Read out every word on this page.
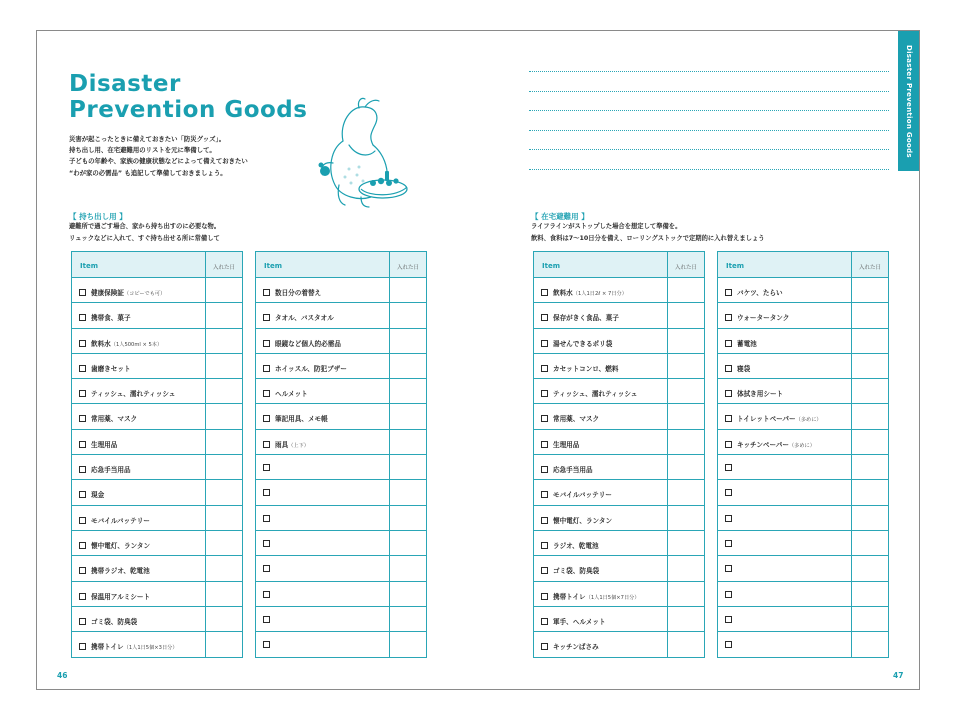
Disaster
Prevention Goods
災害が起こったときに備えておきたい「防災グッズ」。
持ち出し用、在宅避難用のリストを元に準備して。
子どもの年齢や、家族の健康状態などによって備えておきたい
“わが家の必需品” も追記して準備しておきましょう。
【 持ち出し用 】
避難所で過ごす場合、家から持ち出すのに必要な物。
リュックなどに入れて、すぐ持ち出せる所に常備して
【 在宅避難用 】
ライフラインがストップした場合を想定して準備を。
飲料、食料は7～10日分を備え、ローリングストックで定期的に入れ替えましょう
Item	入れた日
健康保険証（コピーでも可）
携帯食、菓子
飲料水（1人500ml × 5本）
歯磨きセット
ティッシュ、濡れティッシュ
常用薬、マスク
生理用品
応急手当用品
現金
モバイルバッテリー
懐中電灯、ランタン
携帯ラジオ、乾電池
保温用アルミシート
ゴミ袋、防臭袋
携帯トイレ（1人1日5個×3日分）
Item	入れた日
数日分の着替え
タオル、バスタオル
眼鏡など個人的必需品
ホイッスル、防犯ブザー
ヘルメット
筆記用具、メモ帳
雨具（上下）
Item	入れた日
飲料水（1人1日2ℓ × 7日分）
保存がきく食品、菓子
湯せんできるポリ袋
カセットコンロ、燃料
ティッシュ、濡れティッシュ
常用薬、マスク
生理用品
応急手当用品
モバイルバッテリー
懐中電灯、ランタン
ラジオ、乾電池
ゴミ袋、防臭袋
携帯トイレ（1人1日5個×7日分）
軍手、ヘルメット
キッチンばさみ
Item	入れた日
バケツ、たらい
ウォータータンク
蓄電池
寝袋
体拭き用シート
トイレットペーパー（多めに）
キッチンペーパー（多めに）
Disaster Prevention Goods
46	47
